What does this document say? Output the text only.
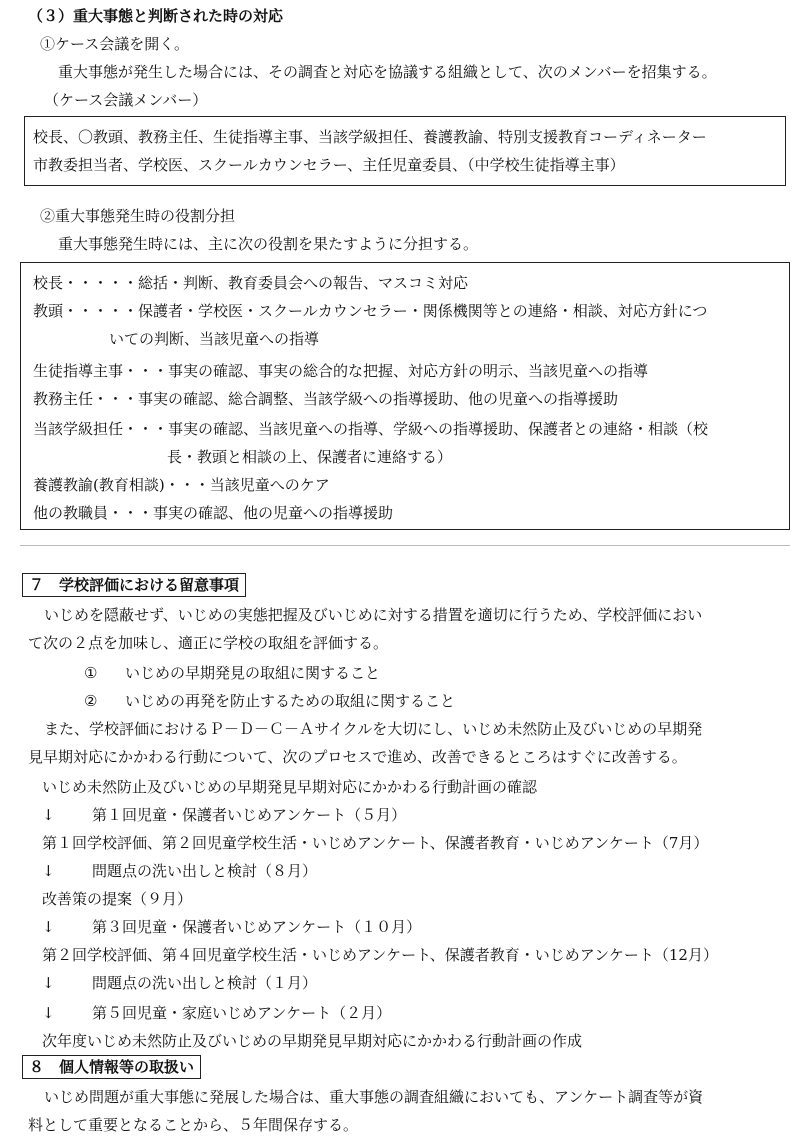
（３）重大事態と判断された時の対応
①ケース会議を開く。
重大事態が発生した場合には、その調査と対応を協議する組織として、次のメンバーを招集する。
（ケース会議メンバー）
校長、〇教頭、教務主任、生徒指導主事、当該学級担任、養護教諭、特別支援教育コーディネーター
市教委担当者、学校医、スクールカウンセラー、主任児童委員、（中学校生徒指導主事）
②重大事態発生時の役割分担
重大事態発生時には、主に次の役割を果たすように分担する。
校長・・・・・総括・判断、教育委員会への報告、マスコミ対応
教頭・・・・・保護者・学校医・スクールカウンセラー・関係機関等との連絡・相談、対応方針につ
いての判断、当該児童への指導
生徒指導主事・・・事実の確認、事実の総合的な把握、対応方針の明示、当該児童への指導
教務主任・・・事実の確認、総合調整、当該学級への指導援助、他の児童への指導援助
当該学級担任・・・事実の確認、当該児童への指導、学級への指導援助、保護者との連絡・相談（校
長・教頭と相談の上、保護者に連絡する）
養護教諭(教育相談)・・・当該児童へのケア
他の教職員・・・事実の確認、他の児童への指導援助
７　学校評価における留意事項
いじめを隠蔽せず、いじめの実態把握及びいじめに対する措置を適切に行うため、学校評価におい
て次の２点を加味し、適正に学校の取組を評価する。
① いじめの早期発見の取組に関すること
② いじめの再発を防止するための取組に関すること
また、学校評価におけるＰ－Ｄ－Ｃ－Ａサイクルを大切にし、いじめ未然防止及びいじめの早期発
見早期対応にかかわる行動について、次のプロセスで進め、改善できるところはすぐに改善する。
いじめ未然防止及びいじめの早期発見早期対応にかかわる行動計画の確認
↓ 第１回児童・保護者いじめアンケート（５月）
第１回学校評価、第２回児童学校生活・いじめアンケート、保護者教育・いじめアンケート（7月）
↓ 問題点の洗い出しと検討（８月）
改善策の提案（９月）
↓ 第３回児童・保護者いじめアンケート（１０月）
第２回学校評価、第４回児童学校生活・いじめアンケート、保護者教育・いじめアンケート（12月）
↓ 問題点の洗い出しと検討（１月）
↓ 第５回児童・家庭いじめアンケート（２月）
次年度いじめ未然防止及びいじめの早期発見早期対応にかかわる行動計画の作成
８　個人情報等の取扱い
いじめ問題が重大事態に発展した場合は、重大事態の調査組織においても、アンケート調査等が資
料として重要となることから、５年間保存する。
